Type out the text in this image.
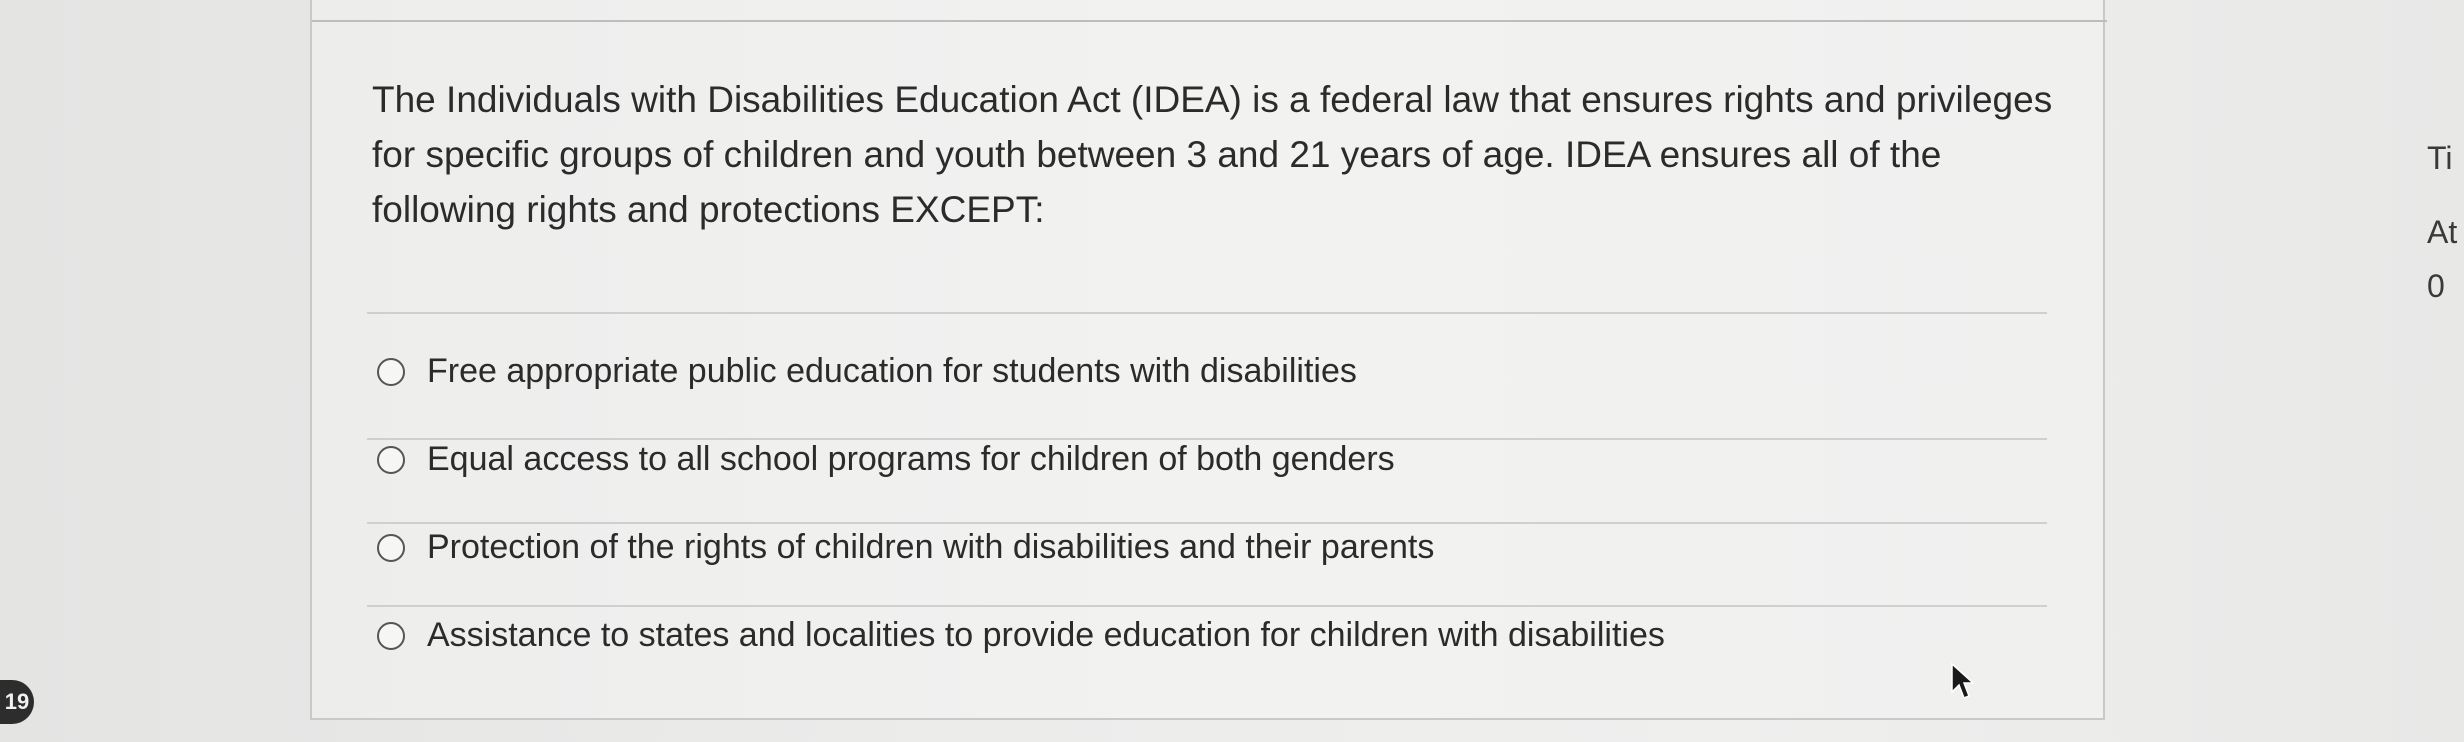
The Individuals with Disabilities Education Act (IDEA) is a federal law that ensures rights and privileges for specific groups of children and youth between 3 and 21 years of age. IDEA ensures all of the following rights and protections EXCEPT:
Free appropriate public education for students with disabilities
Equal access to all school programs for children of both genders
Protection of the rights of children with disabilities and their parents
Assistance to states and localities to provide education for children with disabilities
Ti
At
0
19
